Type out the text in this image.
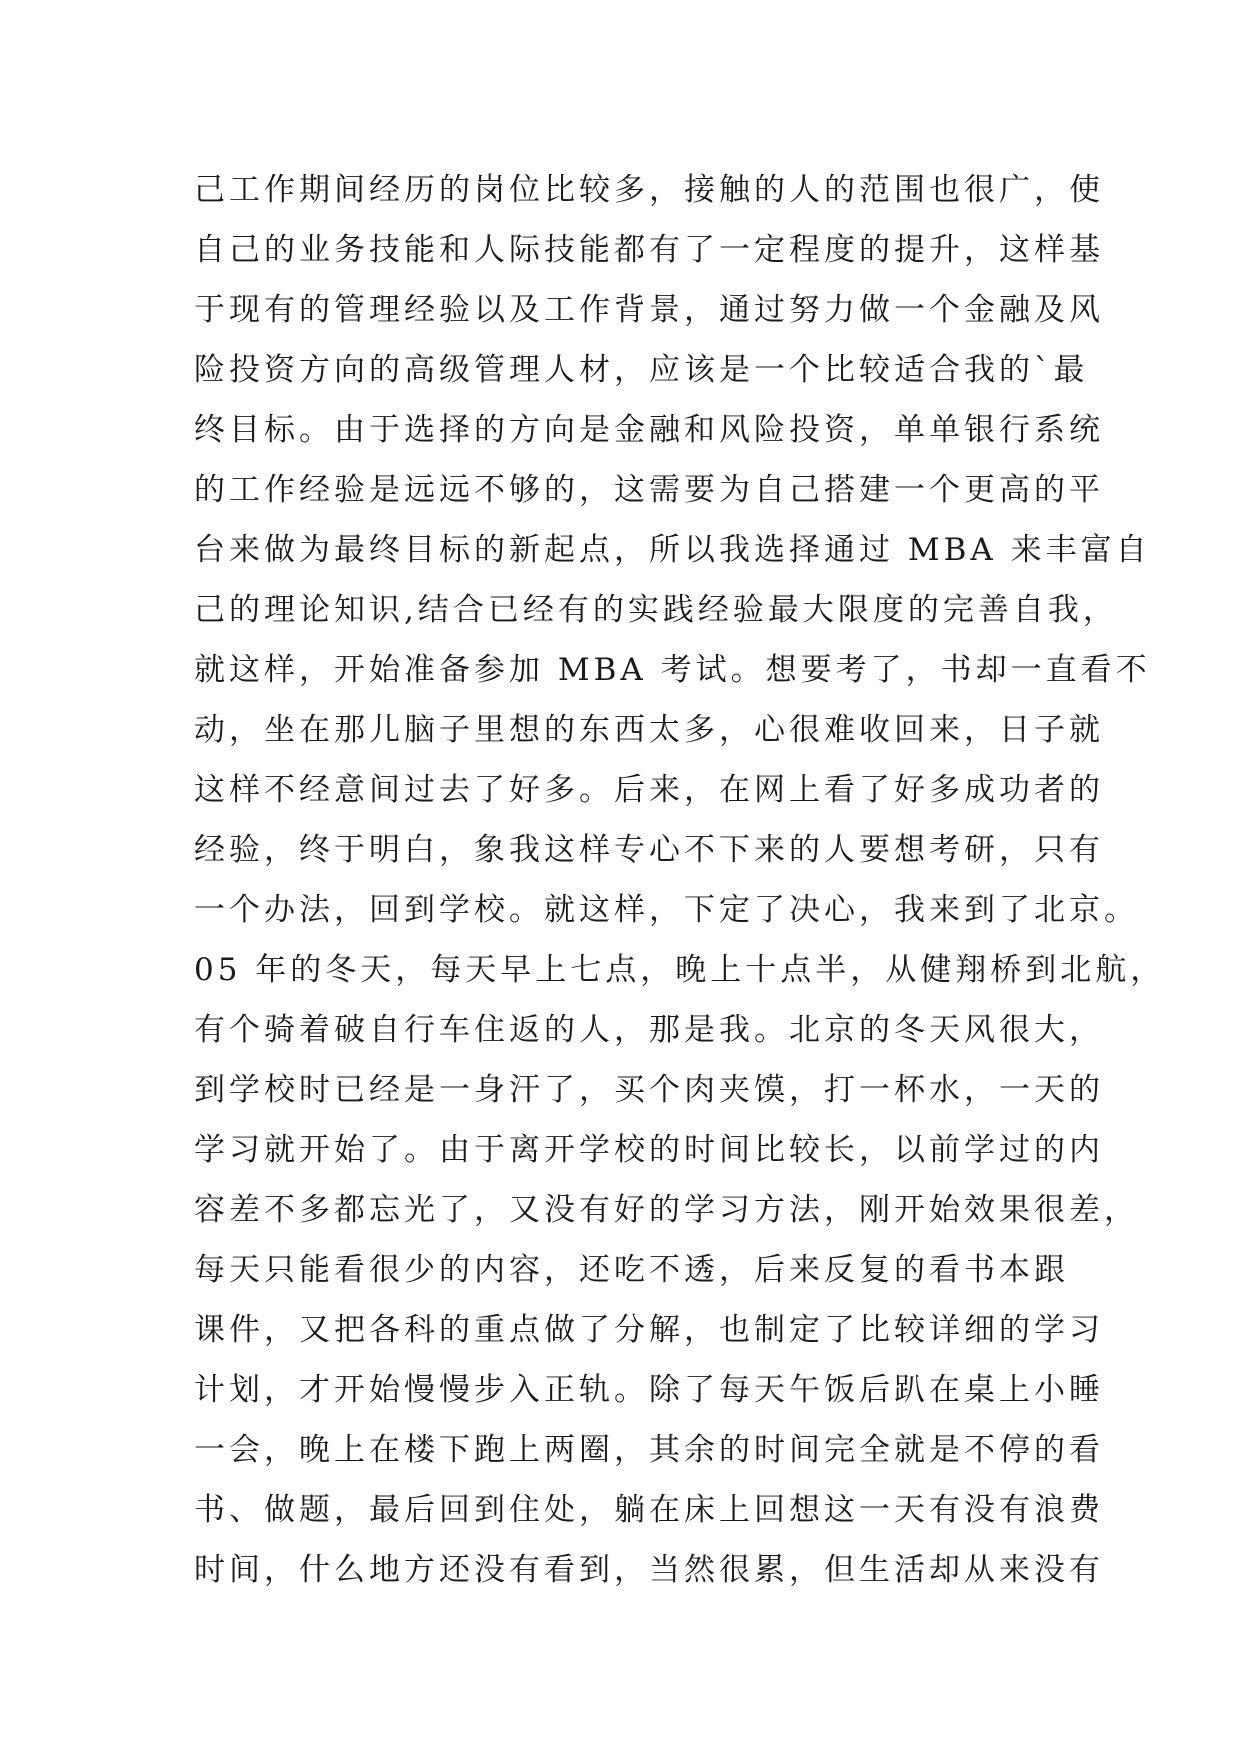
己工作期间经历的岗位比较多，接触的人的范围也很广，使
自己的业务技能和人际技能都有了一定程度的提升，这样基
于现有的管理经验以及工作背景，通过努力做一个金融及风
险投资方向的高级管理人材，应该是一个比较适合我的`最
终目标。由于选择的方向是金融和风险投资，单单银行系统
的工作经验是远远不够的，这需要为自己搭建一个更高的平
台来做为最终目标的新起点，所以我选择通过 MBA 来丰富自
己的理论知识,结合已经有的实践经验最大限度的完善自我，
就这样，开始准备参加 MBA 考试。想要考了，书却一直看不
动，坐在那儿脑子里想的东西太多，心很难收回来，日子就
这样不经意间过去了好多。后来，在网上看了好多成功者的
经验，终于明白，象我这样专心不下来的人要想考研，只有
一个办法，回到学校。就这样，下定了决心，我来到了北京。
05 年的冬天，每天早上七点，晚上十点半，从健翔桥到北航，
有个骑着破自行车住返的人，那是我。北京的冬天风很大，
到学校时已经是一身汗了，买个肉夹馍，打一杯水，一天的
学习就开始了。由于离开学校的时间比较长，以前学过的内
容差不多都忘光了，又没有好的学习方法，刚开始效果很差，
每天只能看很少的内容，还吃不透，后来反复的看书本跟
课件，又把各科的重点做了分解，也制定了比较详细的学习
计划，才开始慢慢步入正轨。除了每天午饭后趴在桌上小睡
一会，晚上在楼下跑上两圈，其余的时间完全就是不停的看
书、做题，最后回到住处，躺在床上回想这一天有没有浪费
时间，什么地方还没有看到，当然很累，但生活却从来没有
